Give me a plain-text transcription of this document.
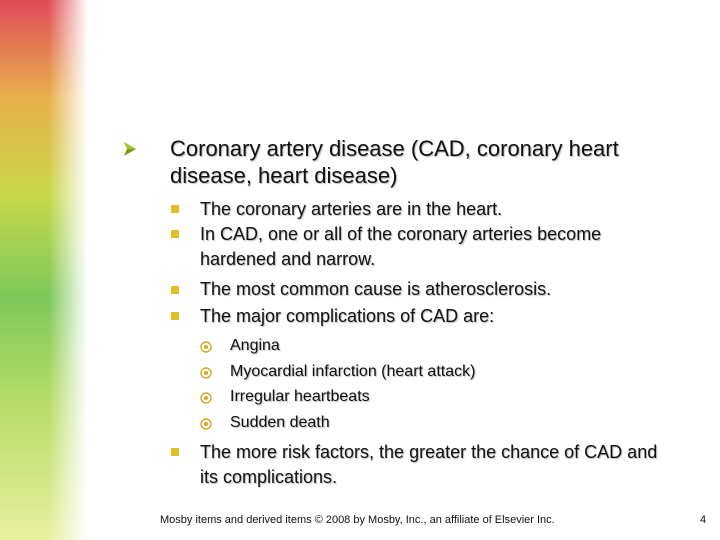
Coronary artery disease (CAD, coronary heart disease, heart disease)
The coronary arteries are in the heart.
In CAD, one or all of the coronary arteries become hardened and narrow.
The most common cause is atherosclerosis.
The major complications of CAD are:
Angina
Myocardial infarction (heart attack)
Irregular heartbeats
Sudden death
The more risk factors, the greater the chance of CAD and its complications.
Mosby items and derived items © 2008 by Mosby, Inc., an affiliate of Elsevier Inc.	4
